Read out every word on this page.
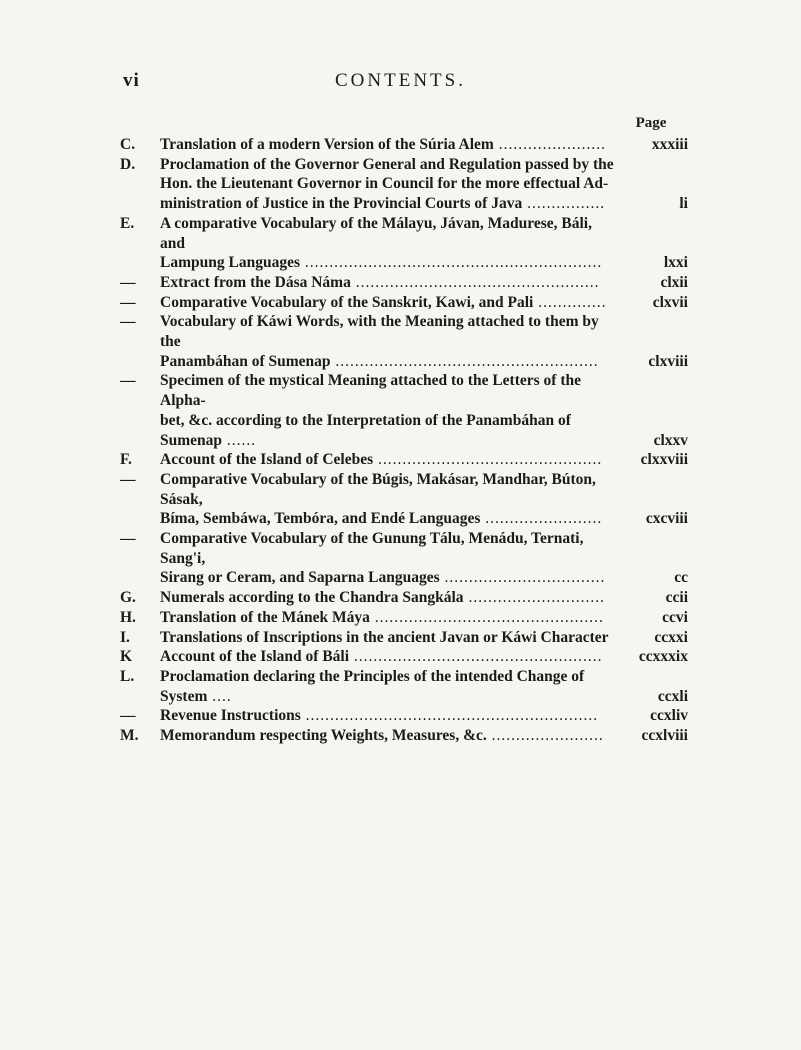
vi	CONTENTS.
Page
C.	Translation of a modern Version of the Súria Alem ......................	xxxiii
D.	Proclamation of the Governor General and Regulation passed by the
Hon. the Lieutenant Governor in Council for the more effectual Ad-
ministration of Justice in the Provincial Courts of Java ................	li
E.	A comparative Vocabulary of the Málayu, Jávan, Madurese, Báli, and
Lampung Languages .............................................................	lxxi
—	Extract from the Dása Náma ..................................................	clxii
—	Comparative Vocabulary of the Sanskrit, Kawi, and Pali ..............	clxvii
—	Vocabulary of Káwi Words, with the Meaning attached to them by the
Panambáhan of Sumenap ......................................................	clxviii
—	Specimen of the mystical Meaning attached to the Letters of the Alpha-
bet, &c. according to the Interpretation of the Panambáhan of Sumenap ......	clxxv
F.	Account of the Island of Celebes ..............................................	clxxviii
—	Comparative Vocabulary of the Búgis, Makásar, Mandhar, Búton, Sásak,
Bíma, Sembáwa, Tembóra, and Endé Languages ........................	cxcviii
—	Comparative Vocabulary of the Gunung Tálu, Menádu, Ternati, Sang'i,
Sirang or Ceram, and Saparna Languages .................................	cc
G.	Numerals according to the Chandra Sangkála ............................	ccii
H.	Translation of the Mánek Máya ...............................................	ccvi
I.	Translations of Inscriptions in the ancient Javan or Káwi Character	ccxxi
K	Account of the Island of Báli ...................................................	ccxxxix
L.	Proclamation declaring the Principles of the intended Change of System ....	ccxli
—	Revenue Instructions ............................................................	ccxliv
M.	Memorandum respecting Weights, Measures, &c. .......................	ccxlviii
